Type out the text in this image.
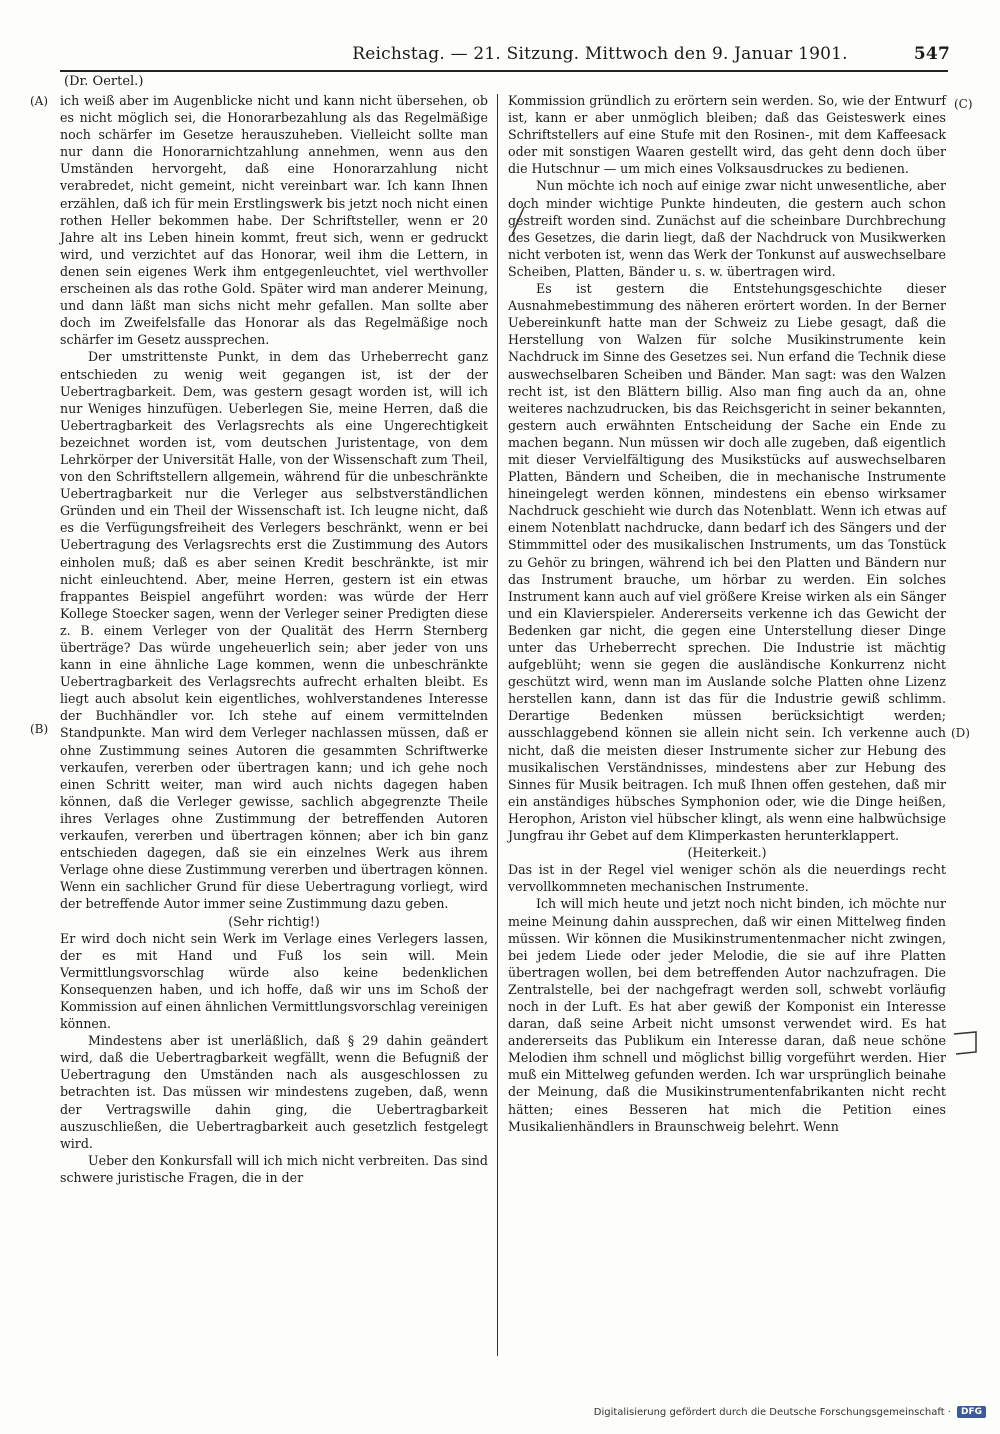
Reichstag. — 21. Sitzung. Mittwoch den 9. Januar 1901.	547
(Dr. Oertel.)
(A)
(B)
(C)
(D)

ich weiß aber im Augenblicke nicht und kann nicht übersehen, ob es nicht möglich sei, die Honorarbezahlung als das Regelmäßige noch schärfer im Gesetze herauszuheben. Vielleicht sollte man nur dann die Honorarnichtzahlung annehmen, wenn aus den Umständen hervorgeht, daß eine Honorarzahlung nicht verabredet, nicht gemeint, nicht vereinbart war. Ich kann Ihnen erzählen, daß ich für mein Erstlingswerk bis jetzt noch nicht einen rothen Heller bekommen habe. Der Schriftsteller, wenn er 20 Jahre alt ins Leben hinein kommt, freut sich, wenn er gedruckt wird, und verzichtet auf das Honorar, weil ihm die Lettern, in denen sein eigenes Werk ihm entgegenleuchtet, viel werthvoller erscheinen als das rothe Gold. Später wird man anderer Meinung, und dann läßt man sichs nicht mehr gefallen. Man sollte aber doch im Zweifelsfalle das Honorar als das Regelmäßige noch schärfer im Gesetz aussprechen.

Der umstrittenste Punkt, in dem das Urheberrecht ganz entschieden zu wenig weit gegangen ist, ist der der Uebertragbarkeit. Dem, was gestern gesagt worden ist, will ich nur Weniges hinzufügen. Ueberlegen Sie, meine Herren, daß die Uebertragbarkeit des Verlagsrechts als eine Ungerechtigkeit bezeichnet worden ist, vom deutschen Juristentage, von dem Lehrkörper der Universität Halle, von der Wissenschaft zum Theil, von den Schriftstellern allgemein, während für die unbeschränkte Uebertragbarkeit nur die Verleger aus selbstverständlichen Gründen und ein Theil der Wissenschaft ist. Ich leugne nicht, daß es die Verfügungsfreiheit des Verlegers beschränkt, wenn er bei Uebertragung des Verlagsrechts erst die Zustimmung des Autors einholen muß; daß es aber seinen Kredit beschränkte, ist mir nicht einleuchtend. Aber, meine Herren, gestern ist ein etwas frappantes Beispiel angeführt worden: was würde der Herr Kollege Stoecker sagen, wenn der Verleger seiner Predigten diese z. B. einem Verleger von der Qualität des Herrn Sternberg überträge? Das würde ungeheuerlich sein; aber jeder von uns kann in eine ähnliche Lage kommen, wenn die unbeschränkte Uebertragbarkeit des Verlagsrechts aufrecht erhalten bleibt. Es liegt auch absolut kein eigentliches, wohlverstandenes Interesse der Buchhändler vor. Ich stehe auf einem vermittelnden Standpunkte. Man wird dem Verleger nachlassen müssen, daß er ohne Zustimmung seines Autoren die gesammten Schriftwerke verkaufen, vererben oder übertragen kann; und ich gehe noch einen Schritt weiter, man wird auch nichts dagegen haben können, daß die Verleger gewisse, sachlich abgegrenzte Theile ihres Verlages ohne Zustimmung der betreffenden Autoren verkaufen, vererben und übertragen können; aber ich bin ganz entschieden dagegen, daß sie ein einzelnes Werk aus ihrem Verlage ohne diese Zustimmung vererben und übertragen können. Wenn ein sachlicher Grund für diese Uebertragung vorliegt, wird der betreffende Autor immer seine Zustimmung dazu geben.

(Sehr richtig!)

Er wird doch nicht sein Werk im Verlage eines Verlegers lassen, der es mit Hand und Fuß los sein will. Mein Vermittlungsvorschlag würde also keine bedenklichen Konsequenzen haben, und ich hoffe, daß wir uns im Schoß der Kommission auf einen ähnlichen Vermittlungsvorschlag vereinigen können.

Mindestens aber ist unerläßlich, daß § 29 dahin geändert wird, daß die Uebertragbarkeit wegfällt, wenn die Befugniß der Uebertragung den Umständen nach als ausgeschlossen zu betrachten ist. Das müssen wir mindestens zugeben, daß, wenn der Vertragswille dahin ging, die Uebertragbarkeit auszuschließen, die Uebertragbarkeit auch gesetzlich festgelegt wird.

Ueber den Konkursfall will ich mich nicht verbreiten. Das sind schwere juristische Fragen, die in der

Kommission gründlich zu erörtern sein werden. So, wie der Entwurf ist, kann er aber unmöglich bleiben; daß das Geisteswerk eines Schriftstellers auf eine Stufe mit den Rosinen-, mit dem Kaffeesack oder mit sonstigen Waaren gestellt wird, das geht denn doch über die Hutschnur — um mich eines Volksausdruckes zu bedienen.

Nun möchte ich noch auf einige zwar nicht unwesentliche, aber doch minder wichtige Punkte hindeuten, die gestern auch schon gestreift worden sind. Zunächst auf die scheinbare Durchbrechung des Gesetzes, die darin liegt, daß der Nachdruck von Musikwerken nicht verboten ist, wenn das Werk der Tonkunst auf auswechselbare Scheiben, Platten, Bänder u. s. w. übertragen wird.

Es ist gestern die Entstehungsgeschichte dieser Ausnahmebestimmung des näheren erörtert worden. In der Berner Uebereinkunft hatte man der Schweiz zu Liebe gesagt, daß die Herstellung von Walzen für solche Musikinstrumente kein Nachdruck im Sinne des Gesetzes sei. Nun erfand die Technik diese auswechselbaren Scheiben und Bänder. Man sagt: was den Walzen recht ist, ist den Blättern billig. Also man fing auch da an, ohne weiteres nachzudrucken, bis das Reichsgericht in seiner bekannten, gestern auch erwähnten Entscheidung der Sache ein Ende zu machen begann. Nun müssen wir doch alle zugeben, daß eigentlich mit dieser Vervielfältigung des Musikstücks auf auswechselbaren Platten, Bändern und Scheiben, die in mechanische Instrumente hineingelegt werden können, mindestens ein ebenso wirksamer Nachdruck geschieht wie durch das Notenblatt. Wenn ich etwas auf einem Notenblatt nachdrucke, dann bedarf ich des Sängers und der Stimmmittel oder des musikalischen Instruments, um das Tonstück zu Gehör zu bringen, während ich bei den Platten und Bändern nur das Instrument brauche, um hörbar zu werden. Ein solches Instrument kann auch auf viel größere Kreise wirken als ein Sänger und ein Klavierspieler. Andererseits verkenne ich das Gewicht der Bedenken gar nicht, die gegen eine Unterstellung dieser Dinge unter das Urheberrecht sprechen. Die Industrie ist mächtig aufgeblüht; wenn sie gegen die ausländische Konkurrenz nicht geschützt wird, wenn man im Auslande solche Platten ohne Lizenz herstellen kann, dann ist das für die Industrie gewiß schlimm. Derartige Bedenken müssen berücksichtigt werden; ausschlaggebend können sie allein nicht sein. Ich verkenne auch nicht, daß die meisten dieser Instrumente sicher zur Hebung des musikalischen Verständnisses, mindestens aber zur Hebung des Sinnes für Musik beitragen. Ich muß Ihnen offen gestehen, daß mir ein anständiges hübsches Symphonion oder, wie die Dinge heißen, Herophon, Ariston viel hübscher klingt, als wenn eine halbwüchsige Jungfrau ihr Gebet auf dem Klimperkasten herunterklappert.

(Heiterkeit.)

Das ist in der Regel viel weniger schön als die neuerdings recht vervollkommneten mechanischen Instrumente.

Ich will mich heute und jetzt noch nicht binden, ich möchte nur meine Meinung dahin aussprechen, daß wir einen Mittelweg finden müssen. Wir können die Musikinstrumentenmacher nicht zwingen, bei jedem Liede oder jeder Melodie, die sie auf ihre Platten übertragen wollen, bei dem betreffenden Autor nachzufragen. Die Zentralstelle, bei der nachgefragt werden soll, schwebt vorläufig noch in der Luft. Es hat aber gewiß der Komponist ein Interesse daran, daß seine Arbeit nicht umsonst verwendet wird. Es hat andererseits das Publikum ein Interesse daran, daß neue schöne Melodien ihm schnell und möglichst billig vorgeführt werden. Hier muß ein Mittelweg gefunden werden. Ich war ursprünglich beinahe der Meinung, daß die Musikinstrumentenfabrikanten nicht recht hätten; eines Besseren hat mich die Petition eines Musikalienhändlers in Braunschweig belehrt. Wenn

Digitalisierung gefördert durch die Deutsche Forschungsgemeinschaft ·	DFG
